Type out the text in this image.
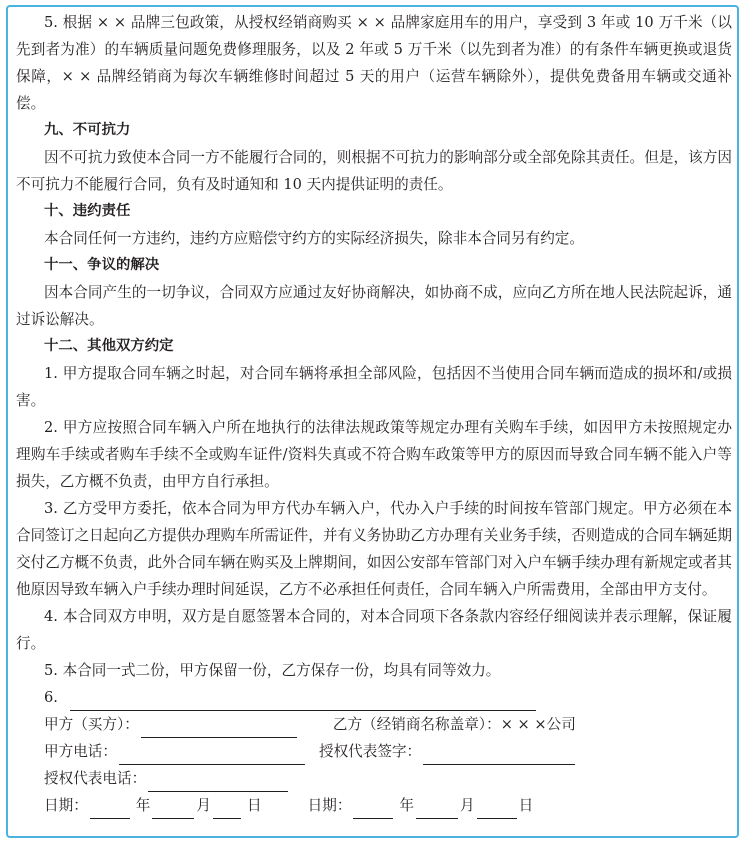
5. 根据 × × 品牌三包政策，从授权经销商购买 × × 品牌家庭用车的用户，享受到 3 年或 10 万千米（以先到者为准）的车辆质量问题免费修理服务，以及 2 年或 5 万千米（以先到者为准）的有条件车辆更换或退货保障，× × 品牌经销商为每次车辆维修时间超过 5 天的用户（运营车辆除外），提供免费备用车辆或交通补偿。

九、不可抗力

因不可抗力致使本合同一方不能履行合同的，则根据不可抗力的影响部分或全部免除其责任。但是，该方因不可抗力不能履行合同，负有及时通知和 10 天内提供证明的责任。

十、违约责任

本合同任何一方违约，违约方应赔偿守约方的实际经济损失，除非本合同另有约定。

十一、争议的解决

因本合同产生的一切争议，合同双方应通过友好协商解决，如协商不成，应向乙方所在地人民法院起诉，通过诉讼解决。

十二、其他双方约定

1. 甲方提取合同车辆之时起，对合同车辆将承担全部风险，包括因不当使用合同车辆而造成的损坏和/或损害。

2. 甲方应按照合同车辆入户所在地执行的法律法规政策等规定办理有关购车手续，如因甲方未按照规定办理购车手续或者购车手续不全或购车证件/资料失真或不符合购车政策等甲方的原因而导致合同车辆不能入户等损失，乙方概不负责，由甲方自行承担。

3. 乙方受甲方委托，依本合同为甲方代办车辆入户，代办入户手续的时间按车管部门规定。甲方必须在本合同签订之日起向乙方提供办理购车所需证件，并有义务协助乙方办理有关业务手续，否则造成的合同车辆延期交付乙方概不负责，此外合同车辆在购买及上牌期间，如因公安部车管部门对入户车辆手续办理有新规定或者其他原因导致车辆入户手续办理时间延误，乙方不必承担任何责任，合同车辆入户所需费用，全部由甲方支付。

4. 本合同双方申明，双方是自愿签署本合同的，对本合同项下各条款内容经仔细阅读并表示理解，保证履行。

5. 本合同一式二份，甲方保留一份，乙方保存一份，均具有同等效力。

6.
甲方（买方）：	乙方（经销商名称盖章）： × × ×公司
甲方电话：	授权代表签字：
授权代表电话：
日期：	年	月 日	日期：	年	月	日
